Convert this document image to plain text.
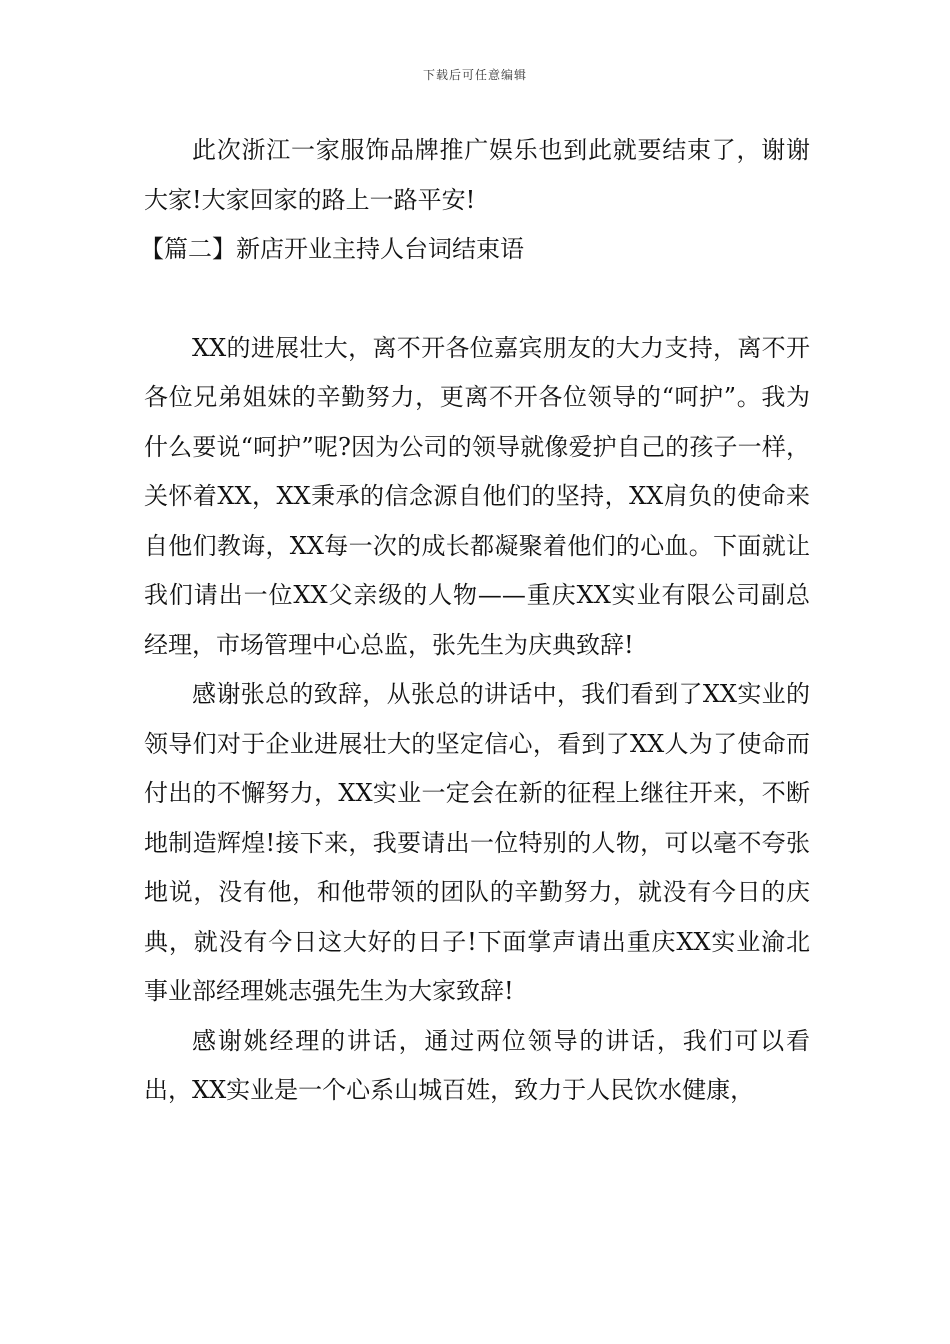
下载后可任意编辑

此次浙江一家服饰品牌推广娱乐也到此就要结束了，谢谢大家!大家回家的路上一路平安!

【篇二】新店开业主持人台词结束语

XX的进展壮大，离不开各位嘉宾朋友的大力支持，离不开各位兄弟姐妹的辛勤努力，更离不开各位领导的“呵护”。我为什么要说“呵护”呢?因为公司的领导就像爱护自己的孩子一样，关怀着XX，XX秉承的信念源自他们的坚持，XX肩负的使命来自他们教诲，XX每一次的成长都凝聚着他们的心血。下面就让我们请出一位XX父亲级的人物——重庆XX实业有限公司副总经理，市场管理中心总监，张先生为庆典致辞!

感谢张总的致辞，从张总的讲话中，我们看到了XX实业的领导们对于企业进展壮大的坚定信心，看到了XX人为了使命而付出的不懈努力，XX实业一定会在新的征程上继往开来，不断地制造辉煌!接下来，我要请出一位特别的人物，可以毫不夸张地说，没有他，和他带领的团队的辛勤努力，就没有今日的庆典，就没有今日这大好的日子!下面掌声请出重庆XX实业渝北事业部经理姚志强先生为大家致辞!

感谢姚经理的讲话，通过两位领导的讲话，我们可以看出，XX实业是一个心系山城百姓，致力于人民饮水健康，
